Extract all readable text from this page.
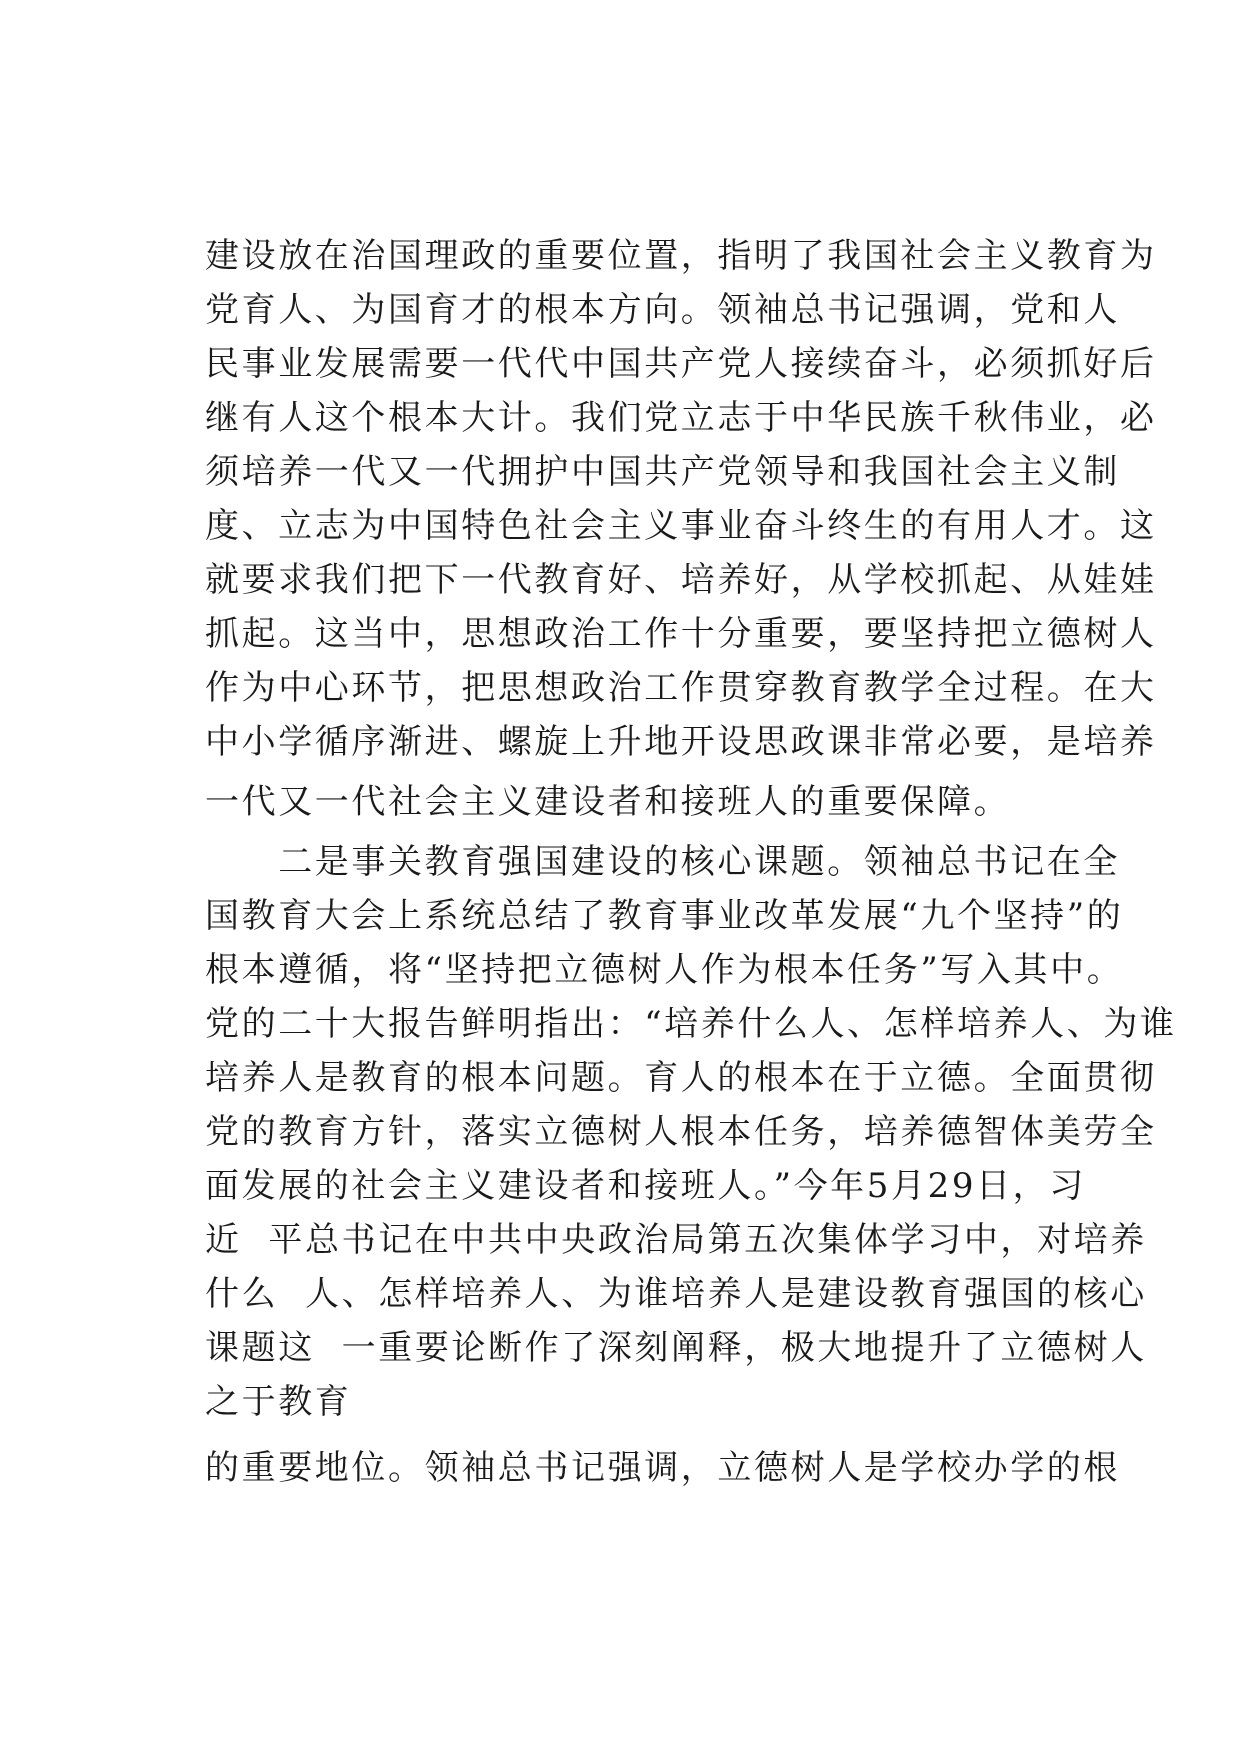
建设放在治国理政的重要位置，指明了我国社会主义教育为
党育人、为国育才的根本方向。领袖总书记强调，党和人
民事业发展需要一代代中国共产党人接续奋斗，必须抓好后
继有人这个根本大计。我们党立志于中华民族千秋伟业，必
须培养一代又一代拥护中国共产党领导和我国社会主义制
度、立志为中国特色社会主义事业奋斗终生的有用人才。这
就要求我们把下一代教育好、培养好，从学校抓起、从娃娃
抓起。这当中，思想政治工作十分重要，要坚持把立德树人
作为中心环节，把思想政治工作贯穿教育教学全过程。在大
中小学循序渐进、螺旋上升地开设思政课非常必要，是培养
一代又一代社会主义建设者和接班人的重要保障。
　　二是事关教育强国建设的核心课题。领袖总书记在全
国教育大会上系统总结了教育事业改革发展“九个坚持”的
根本遵循，将“坚持把立德树人作为根本任务”写入其中。
党的二十大报告鲜明指出：“培养什么人、怎样培养人、为谁
培养人是教育的根本问题。育人的根本在于立德。全面贯彻
党的教育方针，落实立德树人根本任务，培养德智体美劳全
面发展的社会主义建设者和接班人。”今年5月29日，习
近  平总书记在中共中央政治局第五次集体学习中，对培养
什么  人、怎样培养人、为谁培养人是建设教育强国的核心
课题这  一重要论断作了深刻阐释，极大地提升了立德树人
之于教育
的重要地位。领袖总书记强调，立德树人是学校办学的根
